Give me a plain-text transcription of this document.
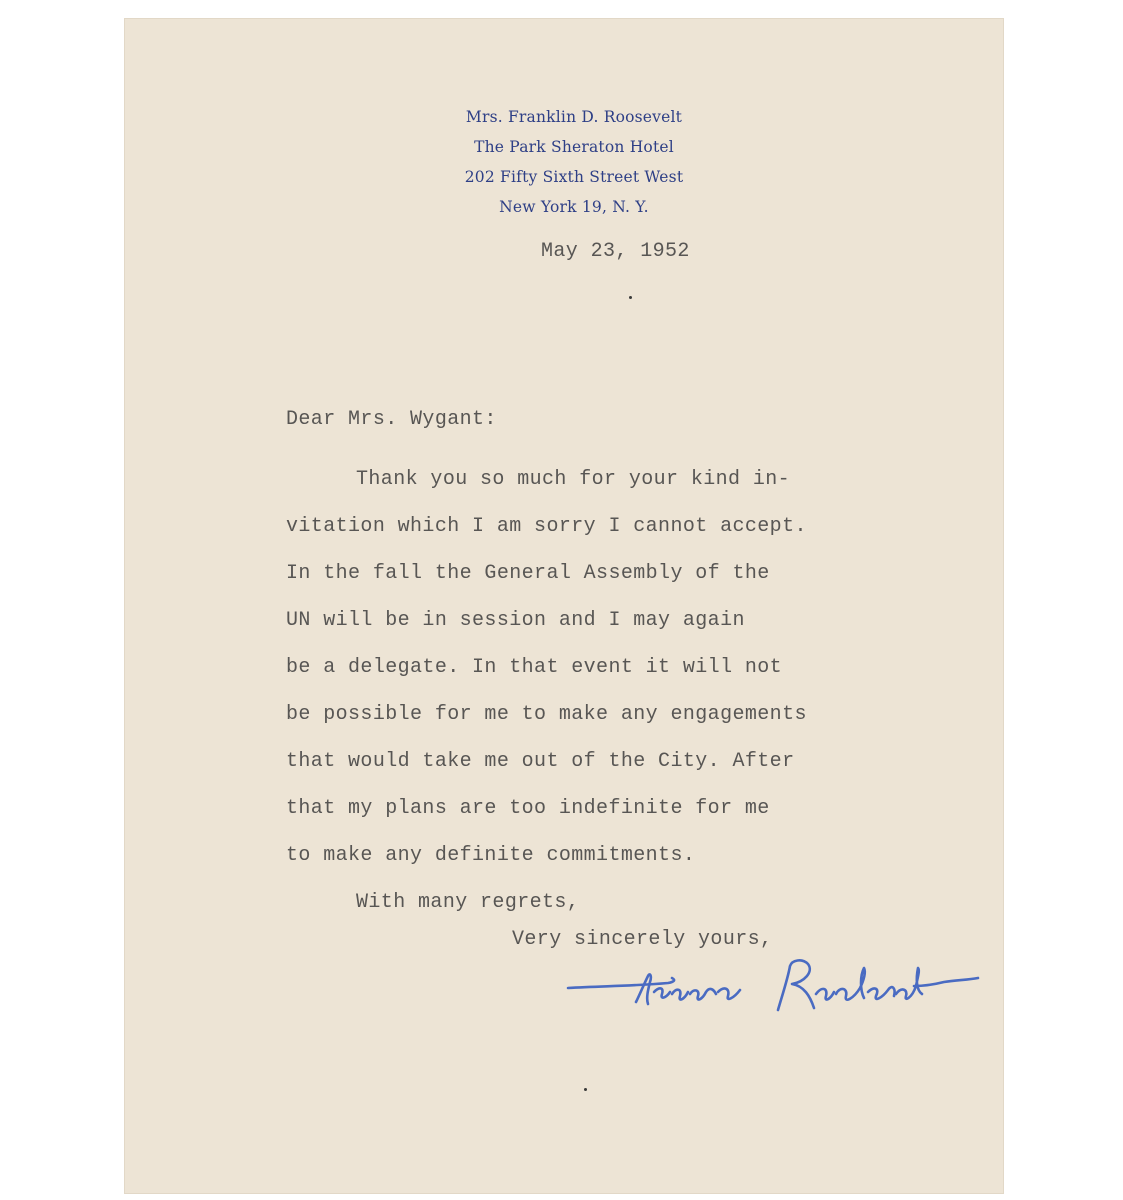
Mrs. Franklin D. Roosevelt
The Park Sheraton Hotel
202 Fifty Sixth Street West
New York 19, N. Y.
May 23, 1952
Dear Mrs. Wygant:
Thank you so much for your kind in-
vitation which I am sorry I cannot accept.
In the fall the General Assembly of the
UN will be in session and I may again
be a delegate. In that event it will not
be possible for me to make any engagements
that would take me out of the City. After
that my plans are too indefinite for me
to make any definite commitments.
With many regrets,
Very sincerely yours,
